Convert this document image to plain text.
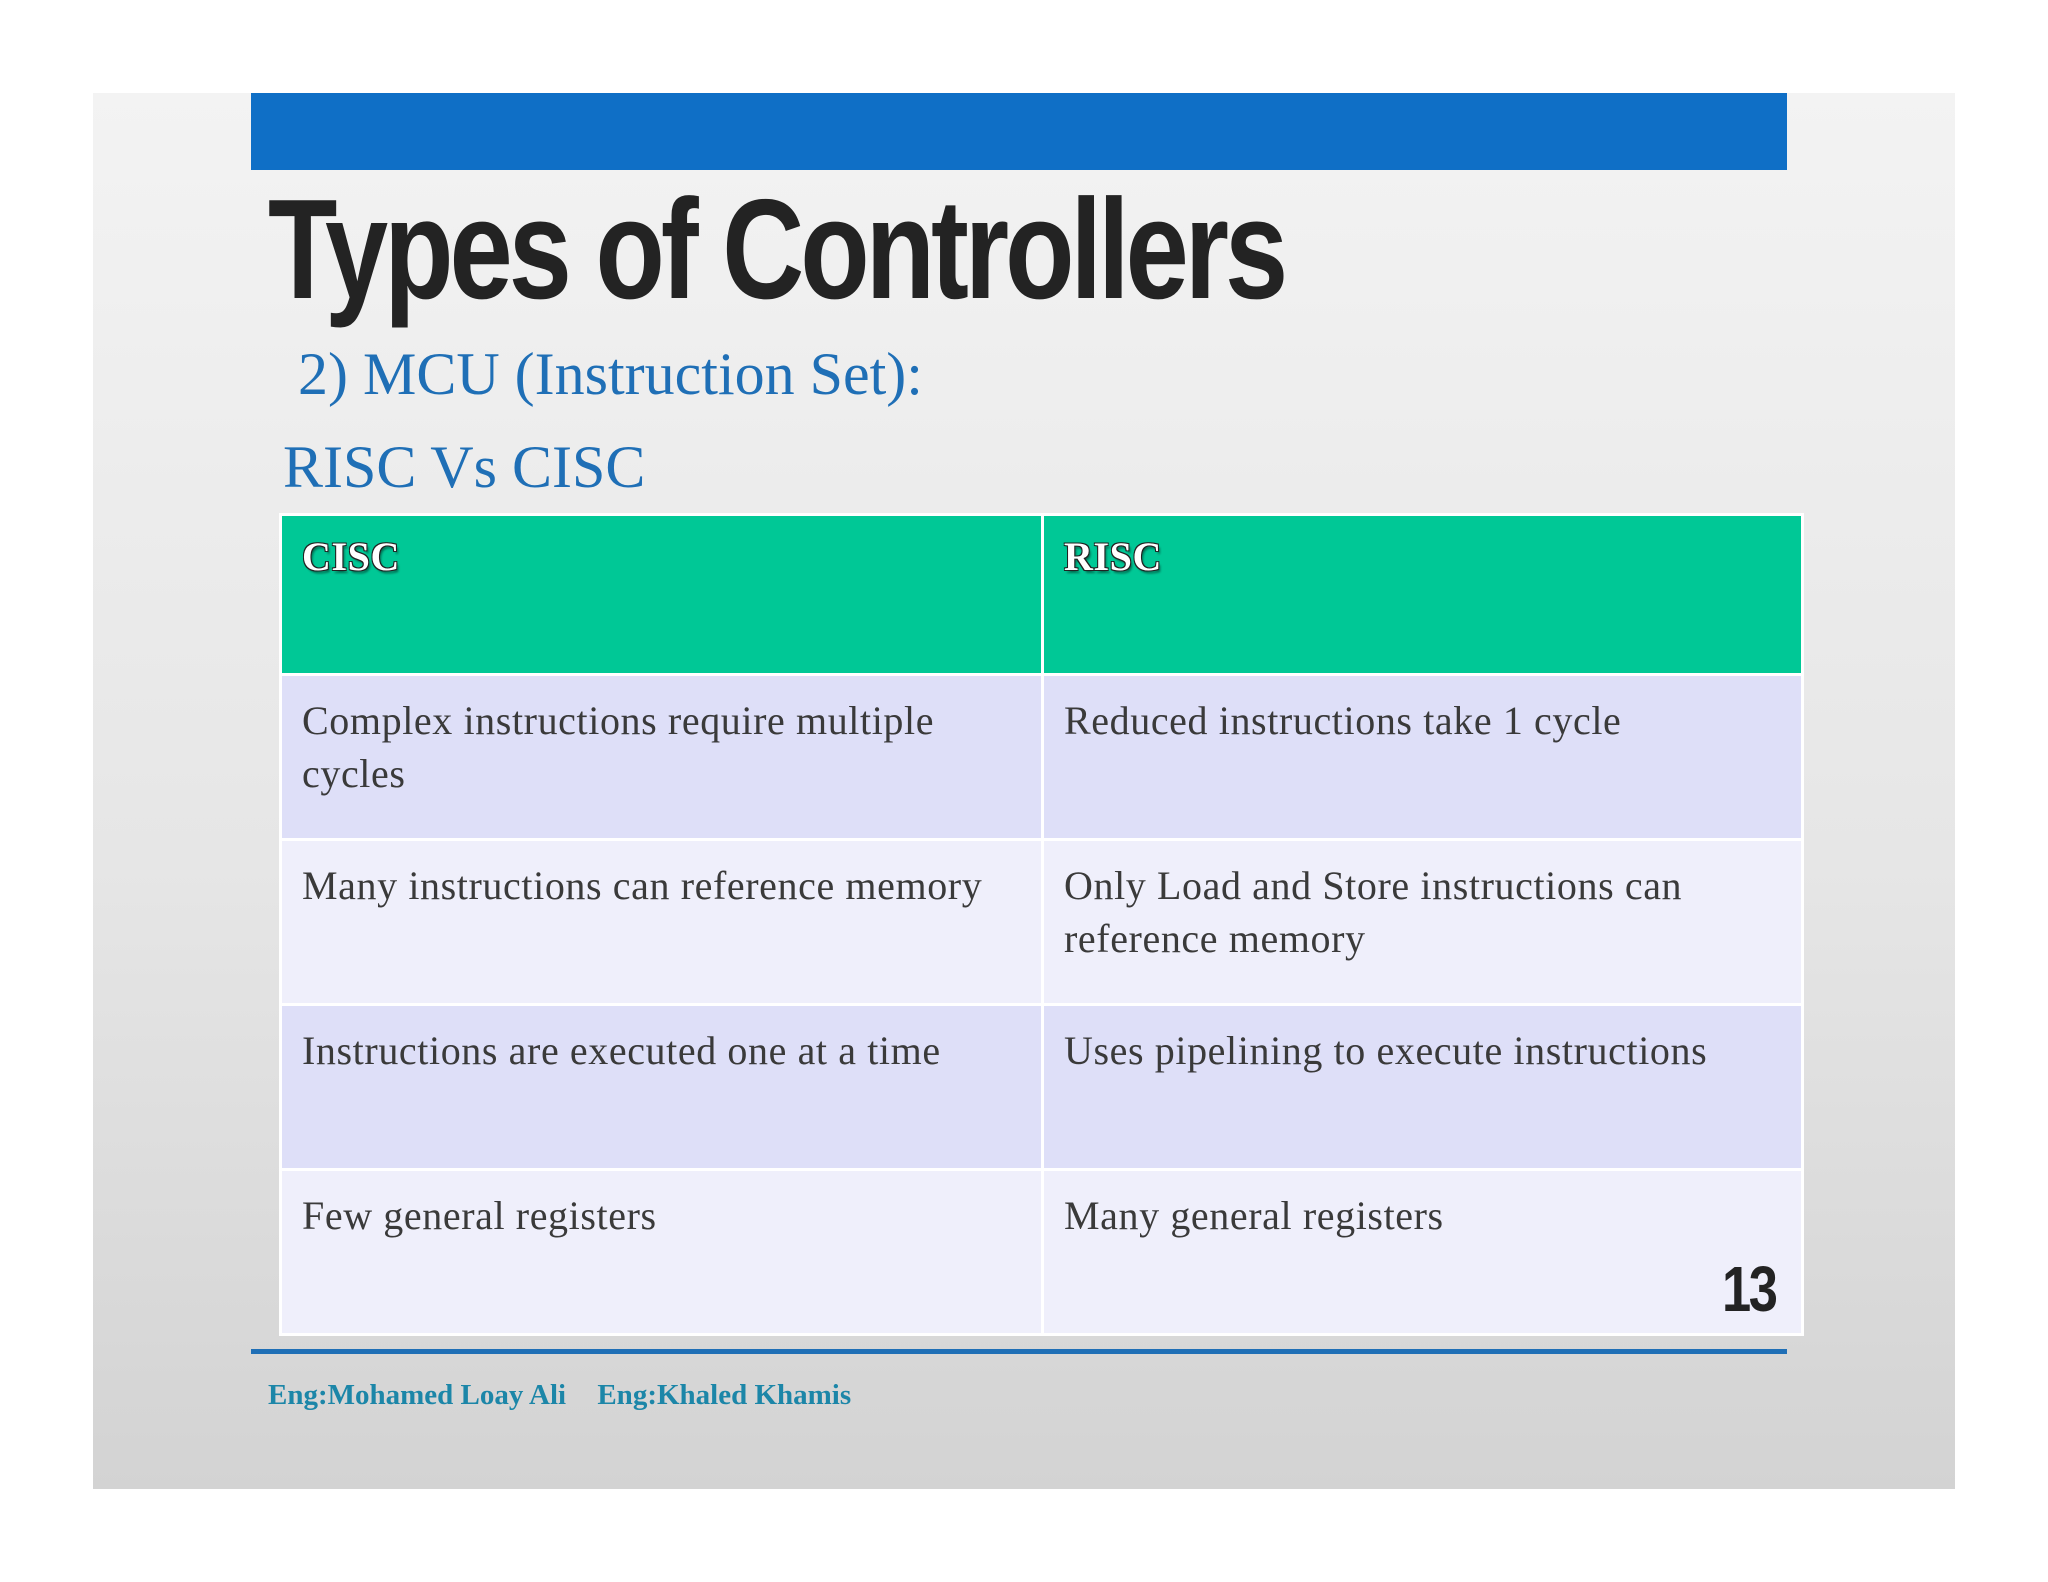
Types of Controllers
2) MCU (Instruction Set):
RISC Vs CISC
CISC	RISC
Complex instructions require multiple cycles	Reduced instructions take 1 cycle
Many instructions can reference memory	Only Load and Store instructions can reference memory
Instructions are executed one at a time	Uses pipelining to execute instructions
Few general registers	Many general registers
13
Eng:Mohamed Loay Ali Eng:Khaled Khamis
